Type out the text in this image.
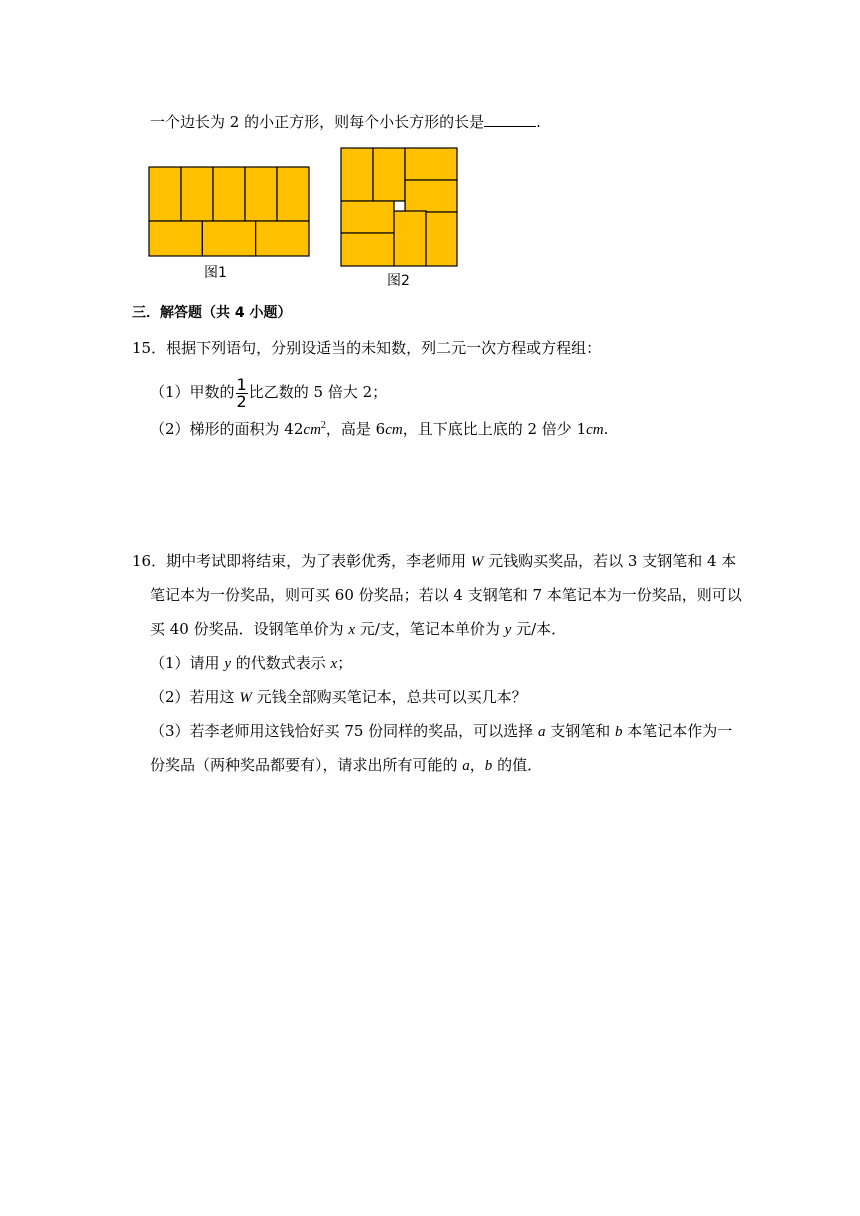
一个边长为 2 的小正方形，则每个小长方形的长是	.
图1	图2
三．解答题（共 4 小题）
15．根据下列语句，分别设适当的未知数，列二元一次方程或方程组：
（1）甲数的 $\frac{1}{2}$ 比乙数的 5 倍大 2；
（2）梯形的面积为 $42cm^2$，高是 6cm，且下底比上底的 2 倍少 1cm.
16．期中考试即将结束，为了表彰优秀，李老师用 W 元钱购买奖品，若以 3 支钢笔和 4 本
笔记本为一份奖品，则可买 60 份奖品；若以 4 支钢笔和 7 本笔记本为一份奖品，则可以
买 40 份奖品．设钢笔单价为 x 元/支，笔记本单价为 y 元/本．
（1）请用 y 的代数式表示 x；
（2）若用这 W 元钱全部购买笔记本，总共可以买几本？
（3）若李老师用这钱恰好买 75 份同样的奖品，可以选择 a 支钢笔和 b 本笔记本作为一
份奖品（两种奖品都要有），请求出所有可能的 a，b 的值．
